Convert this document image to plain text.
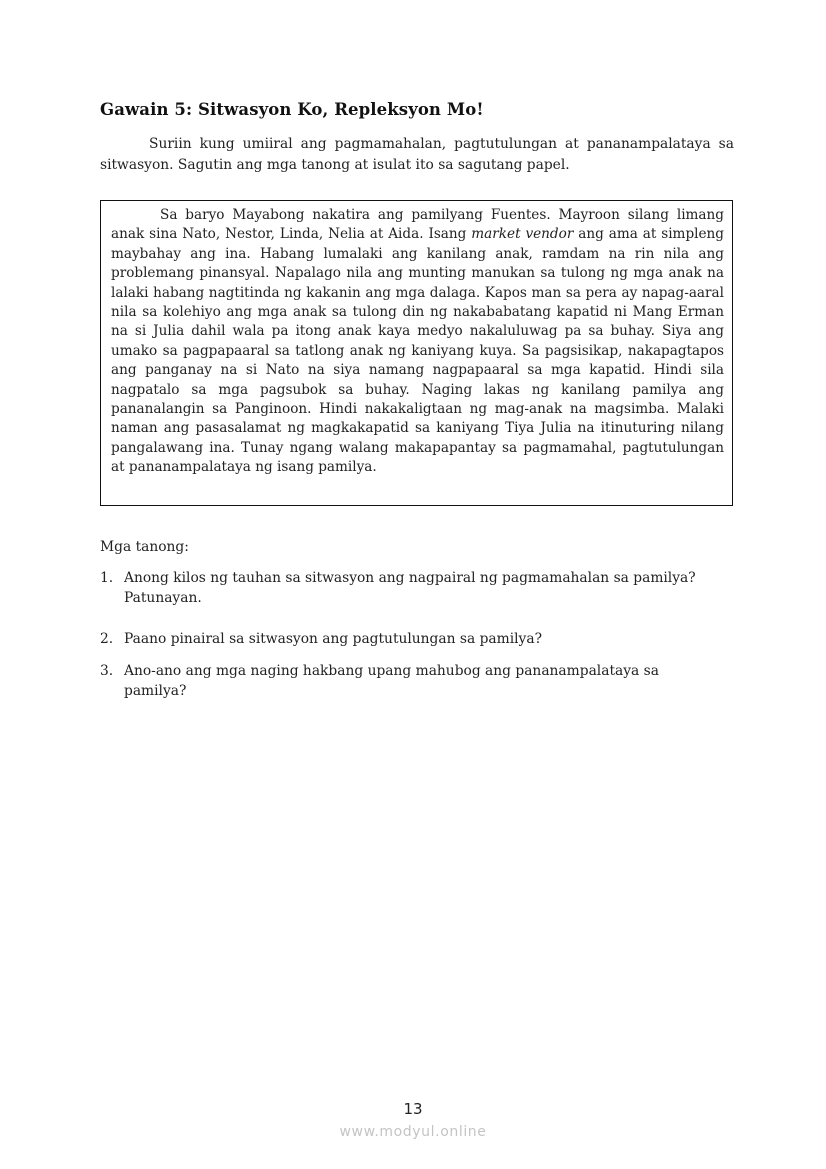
Gawain 5: Sitwasyon Ko, Repleksyon Mo!
Suriin kung umiiral ang pagmamahalan, pagtutulungan at pananampalataya sa sitwasyon. Sagutin ang mga tanong at isulat ito sa sagutang papel.
Sa baryo Mayabong nakatira ang pamilyang Fuentes. Mayroon silang limang anak sina Nato, Nestor, Linda, Nelia at Aida. Isang market vendor ang ama at simpleng maybahay ang ina. Habang lumalaki ang kanilang anak, ramdam na rin nila ang problemang pinansyal. Napalago nila ang munting manukan sa tulong ng mga anak na lalaki habang nagtitinda ng kakanin ang mga dalaga. Kapos man sa pera ay napag-aaral nila sa kolehiyo ang mga anak sa tulong din ng nakababatang kapatid ni Mang Erman na si Julia dahil wala pa itong anak kaya medyo nakaluluwag pa sa buhay. Siya ang umako sa pagpapaaral sa tatlong anak ng kaniyang kuya. Sa pagsisikap, nakapagtapos ang panganay na si Nato na siya namang nagpapaaral sa mga kapatid. Hindi sila nagpatalo sa mga pagsubok sa buhay. Naging lakas ng kanilang pamilya ang pananalangin sa Panginoon. Hindi nakakaligtaan ng mag-anak na magsimba. Malaki naman ang pasasalamat ng magkakapatid sa kaniyang Tiya Julia na itinuturing nilang pangalawang ina. Tunay ngang walang makapapantay sa pagmamahal, pagtutulungan at pananampalataya ng isang pamilya.
Mga tanong:
1. Anong kilos ng tauhan sa sitwasyon ang nagpairal ng pagmamahalan sa pamilya? Patunayan.
2. Paano pinairal sa sitwasyon ang pagtutulungan sa pamilya?
3. Ano-ano ang mga naging hakbang upang mahubog ang pananampalataya sa pamilya?
13
www.modyul.online
